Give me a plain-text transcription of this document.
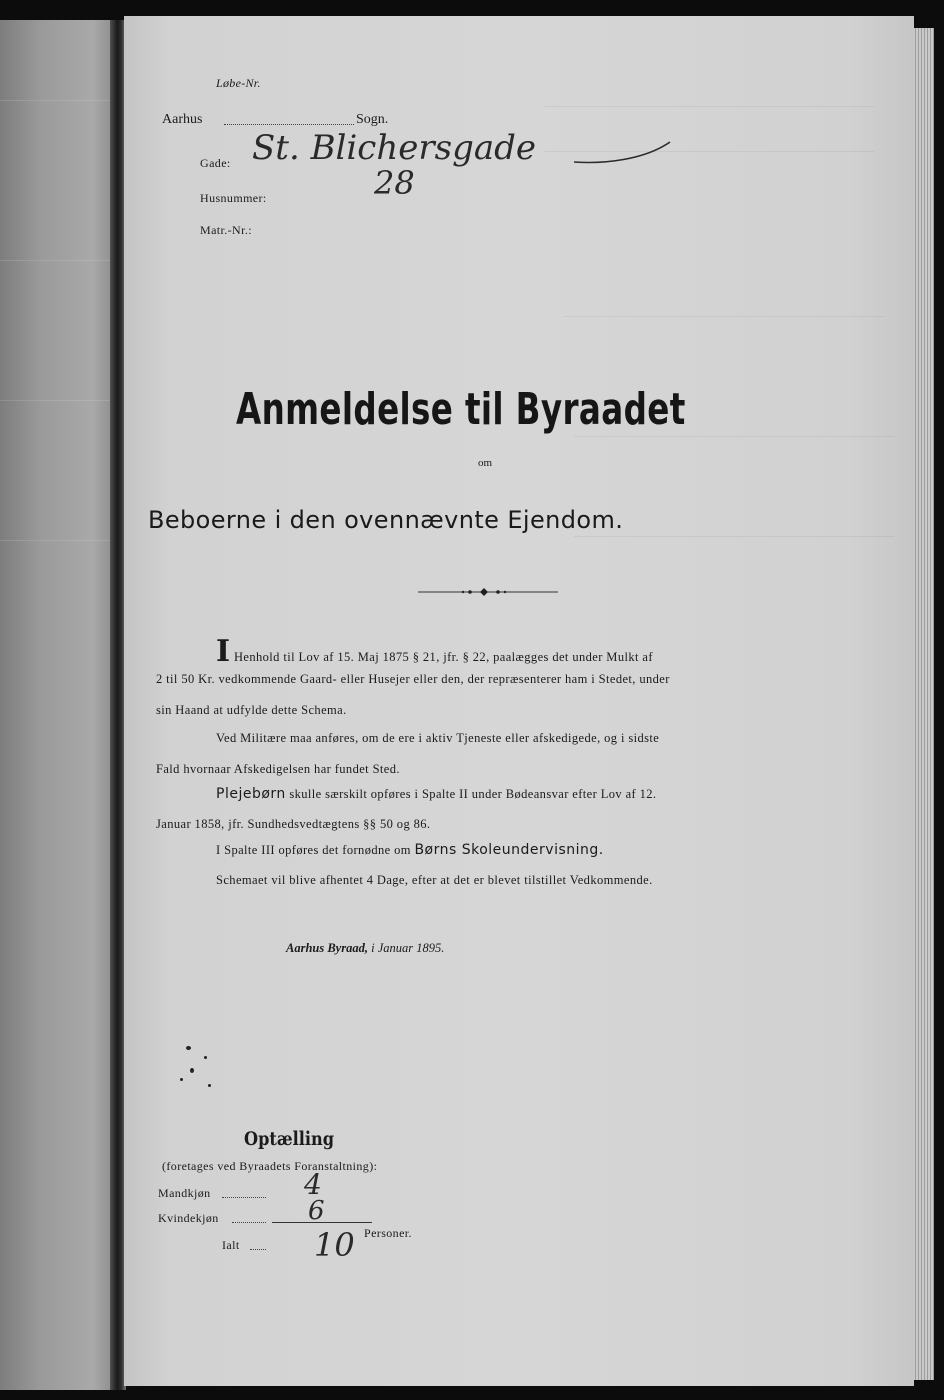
Løbe-Nr.
Aarhus	Sogn.
Gade: St. Blichersgade
Husnummer:	28
Matr.-Nr.:
Anmeldelse til Byraadet
om
Beboerne i den ovennævnte Ejendom.
I Henhold til Lov af 15. Maj 1875 § 21, jfr. § 22, paalægges det under Mulkt af
2 til 50 Kr. vedkommende Gaard- eller Husejer eller den, der repræsenterer ham i Stedet, under
sin Haand at udfylde dette Schema.
Ved Militære maa anføres, om de ere i aktiv Tjeneste eller afskedigede, og i sidste
Fald hvornaar Afskedigelsen har fundet Sted.
Plejebørn skulle særskilt opføres i Spalte II under Bødeansvar efter Lov af 12.
Januar 1858, jfr. Sundhedsvedtægtens §§ 50 og 86.
I Spalte III opføres det fornødne om Børns Skoleundervisning.
Schemaet vil blive afhentet 4 Dage, efter at det er blevet tilstillet Vedkommende.
Aarhus Byraad, i Januar 1895.
Optælling
(foretages ved Byraadets Foranstaltning):
Mandkjøn	4
Kvindekjøn	6
Ialt 10 Personer.
